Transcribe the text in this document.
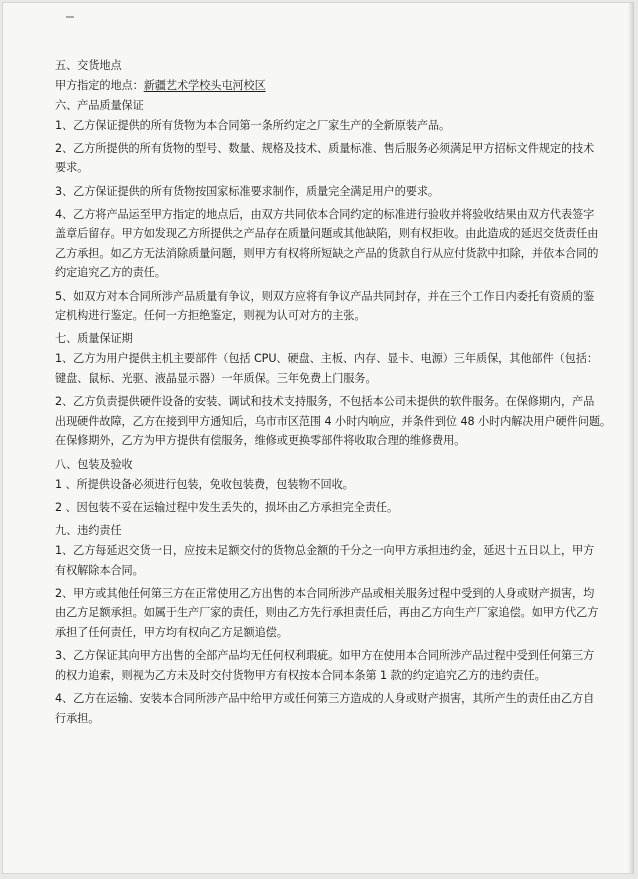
五、交货地点
甲方指定的地点：新疆艺术学校头屯河校区
六、产品质量保证
1、乙方保证提供的所有货物为本合同第一条所约定之厂家生产的全新原装产品。
2、乙方所提供的所有货物的型号、数量、规格及技术、质量标准、售后服务必须满足甲方招标文件规定的技术
要求。
3、乙方保证提供的所有货物按国家标准要求制作，质量完全满足用户的要求。
4、乙方将产品运至甲方指定的地点后，由双方共同依本合同约定的标准进行验收并将验收结果由双方代表签字
盖章后留存。甲方如发现乙方所提供之产品存在质量问题或其他缺陷，则有权拒收。由此造成的延迟交货责任由
乙方承担。如乙方无法消除质量问题，则甲方有权将所短缺之产品的货款自行从应付货款中扣除，并依本合同的
约定追究乙方的责任。
5、如双方对本合同所涉产品质量有争议，则双方应将有争议产品共同封存，并在三个工作日内委托有资质的鉴
定机构进行鉴定。任何一方拒绝鉴定，则视为认可对方的主张。
七、质量保证期
1、乙方为用户提供主机主要部件（包括 CPU、硬盘、主板、内存、显卡、电源）三年质保，其他部件（包括：
键盘、鼠标、光驱、液晶显示器）一年质保。三年免费上门服务。
2、乙方负责提供硬件设备的安装、调试和技术支持服务，不包括本公司未提供的软件服务。在保修期内，产品
出现硬件故障，乙方在接到甲方通知后，乌市市区范围 4 小时内响应，并条件到位 48 小时内解决用户硬件问题。
在保修期外，乙方为甲方提供有偿服务，维修或更换零部件将收取合理的维修费用。
八、包装及验收
1 、所提供设备必须进行包装，免收包装费，包装物不回收。
2 、因包装不妥在运输过程中发生丢失的，损坏由乙方承担完全责任。
九、违约责任
1、乙方每延迟交货一日，应按未足额交付的货物总金额的千分之一向甲方承担违约金，延迟十五日以上，甲方
有权解除本合同。
2、甲方或其他任何第三方在正常使用乙方出售的本合同所涉产品或相关服务过程中受到的人身或财产损害，均
由乙方足额承担。如属于生产厂家的责任，则由乙方先行承担责任后，再由乙方向生产厂家追偿。如甲方代乙方
承担了任何责任，甲方均有权向乙方足额追偿。
3、乙方保证其向甲方出售的全部产品均无任何权利瑕疵。如甲方在使用本合同所涉产品过程中受到任何第三方
的权力追索，则视为乙方未及时交付货物甲方有权按本合同本条第 1 款的约定追究乙方的违约责任。
4、乙方在运输、安装本合同所涉产品中给甲方或任何第三方造成的人身或财产损害，其所产生的责任由乙方自
行承担。
